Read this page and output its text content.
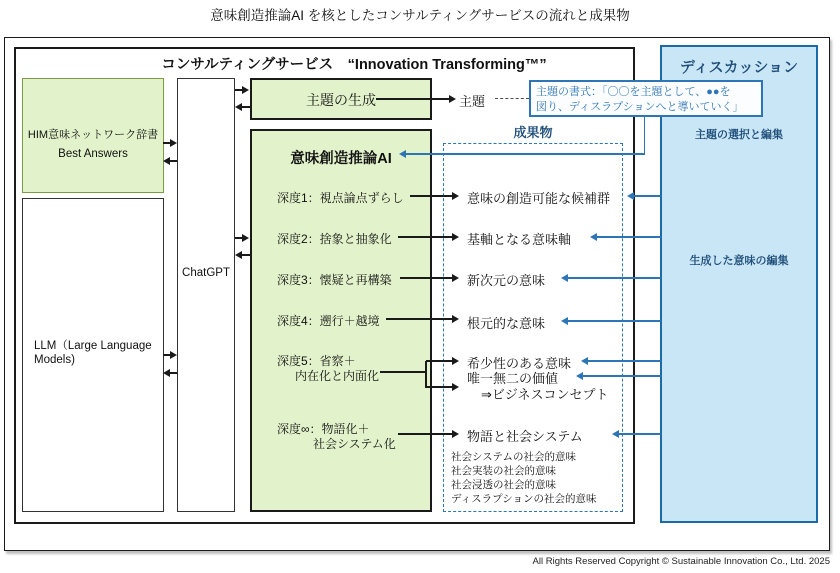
意味創造推論AI を核としたコンサルティングサービスの流れと成果物
コンサルティングサービス　“Innovation Transforming™”
HIM意味ネットワーク辞書
Best Answers
LLM（Large Language Models)
ChatGPT
主題の生成
意味創造推論AI
深度1：視点論点ずらし
深度2：捨象と抽象化
深度3：懐疑と再構築
深度4：遡行＋越境
深度5：省察＋
内在化と内面化
深度∞：物語化＋
社会システム化
主題
成果物
意味の創造可能な候補群
基軸となる意味軸
新次元の意味
根元的な意味
希少性のある意味
唯一無二の価値
⇒ビジネスコンセプト
物語と社会システム
社会システムの社会的意味
社会実装の社会的意味
社会浸透の社会的意味
ディスラプションの社会的意味
ディスカッション
主題の選択と編集
生成した意味の編集
主題の書式：「〇〇を主題として、●●を
図り、ディスラプションへと導いていく」
All Rights Reserved Copyright © Sustainable Innovation Co., Ltd. 2025
